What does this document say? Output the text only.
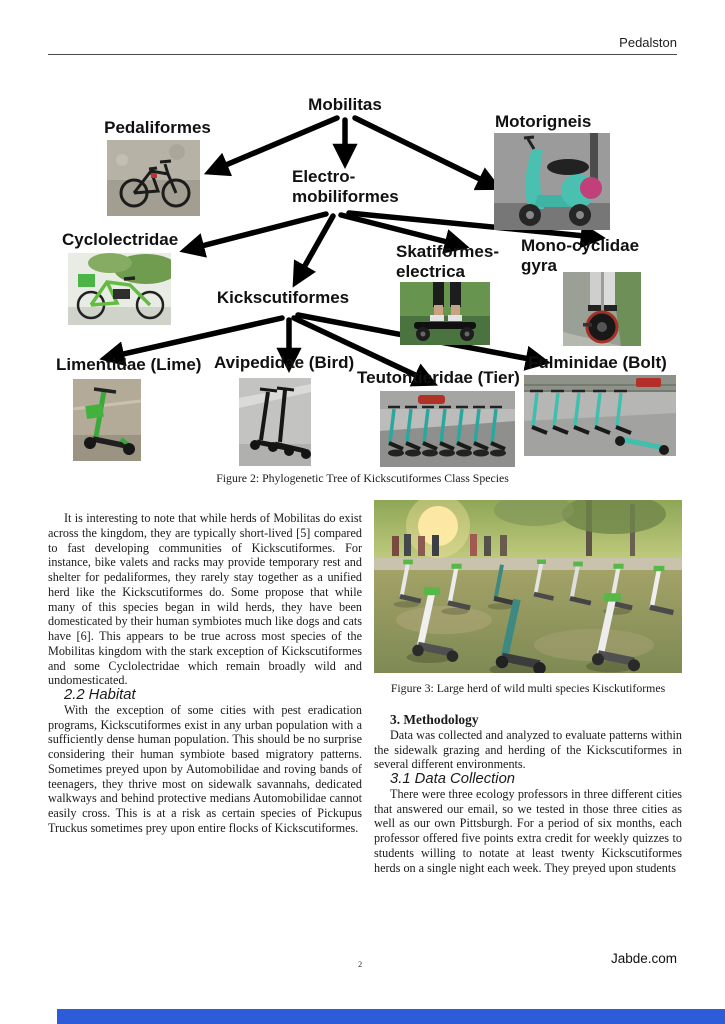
Pedalston
Mobilitas
Pedaliformes	Motorigneis
Electro-
mobiliformes
Cyclolectridae
Skatiformes-
electrica
Mono-cyclidae
gyra
Kickscutiformes
Limentidae (Lime) Avipedidae (Bird)
Teutontieridae (Tier)
Fulminidae (Bolt)
Figure 2: Phylogenetic Tree of Kickscutiformes Class Species

It is interesting to note that while herds of Mobilitas do exist across the kingdom, they are typically short-lived [5] compared to fast developing communities of Kickscutiformes. For instance, bike valets and racks may provide temporary rest and shelter for pedaliformes, they rarely stay together as a unified herd like the Kickscutiformes do. Some propose that while many of this species began in wild herds, they have been domesticated by their human symbiotes much like dogs and cats have [6]. This appears to be true across most species of the Mobilitas kingdom with the stark exception of Kickscutiformes and some Cyclolectridae which remain broadly wild and undomesticated.

2.2 Habitat

With the exception of some cities with pest eradication programs, Kickscutiformes exist in any urban population with a sufficiently dense human population. This should be no surprise considering their human symbiote based migratory patterns. Sometimes preyed upon by Automobilidae and roving bands of teenagers, they thrive most on sidewalk savannahs, dedicated walkways and behind protective medians Automobilidae cannot easily cross. This is at a risk as certain species of Pickupus Truckus sometimes prey upon entire flocks of Kickscutiformes.

Figure 3: Large herd of wild multi species Kisckutiformes

3. Methodology

Data was collected and analyzed to evaluate patterns within the sidewalk grazing and herding of the Kickscutiformes in several different environments.

3.1 Data Collection

There were three ecology professors in three different cities that answered our email, so we tested in those three cities as well as our own Pittsburgh. For a period of six months, each professor offered five points extra credit for weekly quizzes to students willing to notate at least twenty Kickscutiformes herds on a single night each week. They preyed upon students

2	Jabde.com
